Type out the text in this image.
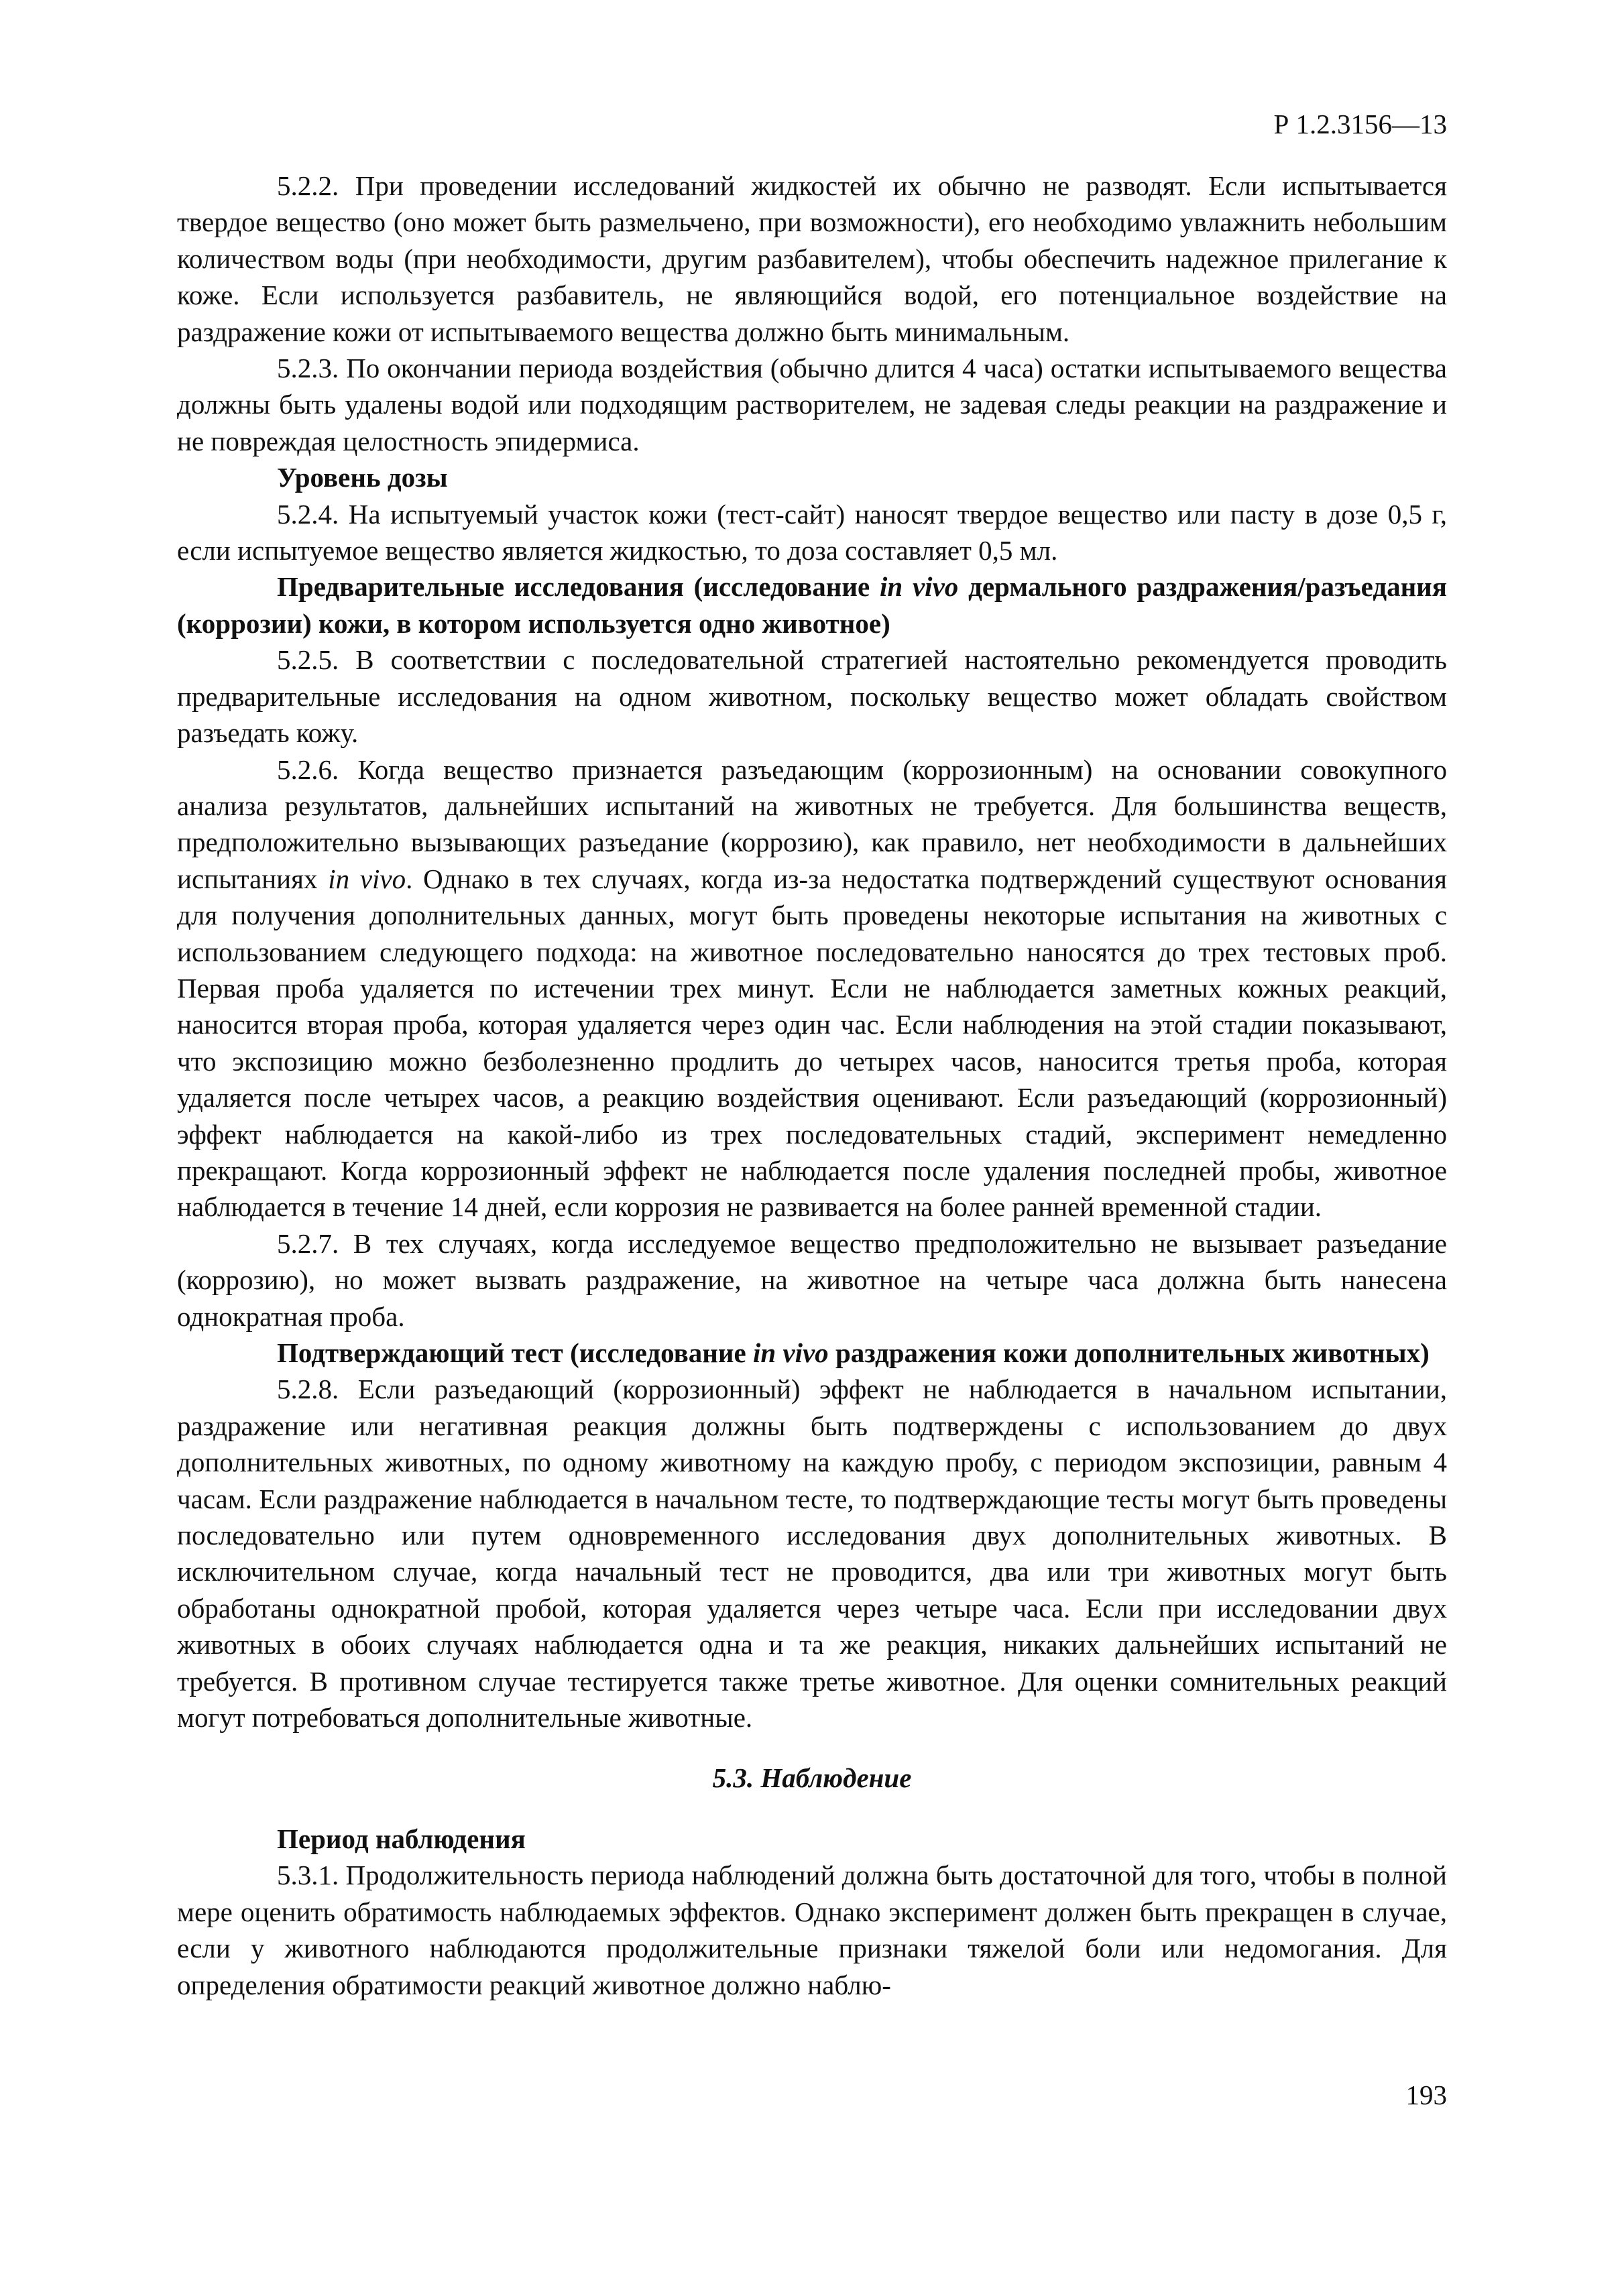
Р 1.2.3156—13

5.2.2. При проведении исследований жидкостей их обычно не разводят. Если испытывается твердое вещество (оно может быть размельчено, при возможности), его необходимо увлажнить небольшим количеством воды (при необходимости, другим разбавителем), чтобы обеспечить надежное прилегание к коже. Если используется разбавитель, не являющийся водой, его потенциальное воздействие на раздражение кожи от испытываемого вещества должно быть минимальным.

5.2.3. По окончании периода воздействия (обычно длится 4 часа) остатки испытываемого вещества должны быть удалены водой или подходящим растворителем, не задевая следы реакции на раздражение и не повреждая целостность эпидермиса.

Уровень дозы

5.2.4. На испытуемый участок кожи (тест-сайт) наносят твердое вещество или пасту в дозе 0,5 г, если испытуемое вещество является жидкостью, то доза составляет 0,5 мл.

Предварительные исследования (исследование in vivo дермального раздражения/разъедания (коррозии) кожи, в котором используется одно животное)

5.2.5. В соответствии с последовательной стратегией настоятельно рекомендуется проводить предварительные исследования на одном животном, поскольку вещество может обладать свойством разъедать кожу.

5.2.6. Когда вещество признается разъедающим (коррозионным) на основании совокупного анализа результатов, дальнейших испытаний на животных не требуется. Для большинства веществ, предположительно вызывающих разъедание (коррозию), как правило, нет необходимости в дальнейших испытаниях in vivo. Однако в тех случаях, когда из-за недостатка подтверждений существуют основания для получения дополнительных данных, могут быть проведены некоторые испытания на животных с использованием следующего подхода: на животное последовательно наносятся до трех тестовых проб. Первая проба удаляется по истечении трех минут. Если не наблюдается заметных кожных реакций, наносится вторая проба, которая удаляется через один час. Если наблюдения на этой стадии показывают, что экспозицию можно безболезненно продлить до четырех часов, наносится третья проба, которая удаляется после четырех часов, а реакцию воздействия оценивают. Если разъедающий (коррозионный) эффект наблюдается на какой-либо из трех последовательных стадий, эксперимент немедленно прекращают. Когда коррозионный эффект не наблюдается после удаления последней пробы, животное наблюдается в течение 14 дней, если коррозия не развивается на более ранней временной стадии.

5.2.7. В тех случаях, когда исследуемое вещество предположительно не вызывает разъедание (коррозию), но может вызвать раздражение, на животное на четыре часа должна быть нанесена однократная проба.

Подтверждающий тест (исследование in vivo раздражения кожи дополнительных животных)

5.2.8. Если разъедающий (коррозионный) эффект не наблюдается в начальном испытании, раздражение или негативная реакция должны быть подтверждены с использованием до двух дополнительных животных, по одному животному на каждую пробу, с периодом экспозиции, равным 4 часам. Если раздражение наблюдается в начальном тесте, то подтверждающие тесты могут быть проведены последовательно или путем одновременного исследования двух дополнительных животных. В исключительном случае, когда начальный тест не проводится, два или три животных могут быть обработаны однократной пробой, которая удаляется через четыре часа. Если при исследовании двух животных в обоих случаях наблюдается одна и та же реакция, никаких дальнейших испытаний не требуется. В противном случае тестируется также третье животное. Для оценки сомнительных реакций могут потребоваться дополнительные животные.

5.3. Наблюдение

Период наблюдения

5.3.1. Продолжительность периода наблюдений должна быть достаточной для того, чтобы в полной мере оценить обратимость наблюдаемых эффектов. Однако эксперимент должен быть прекращен в случае, если у животного наблюдаются продолжительные признаки тяжелой боли или недомогания. Для определения обратимости реакций животное должно наблю-

193
